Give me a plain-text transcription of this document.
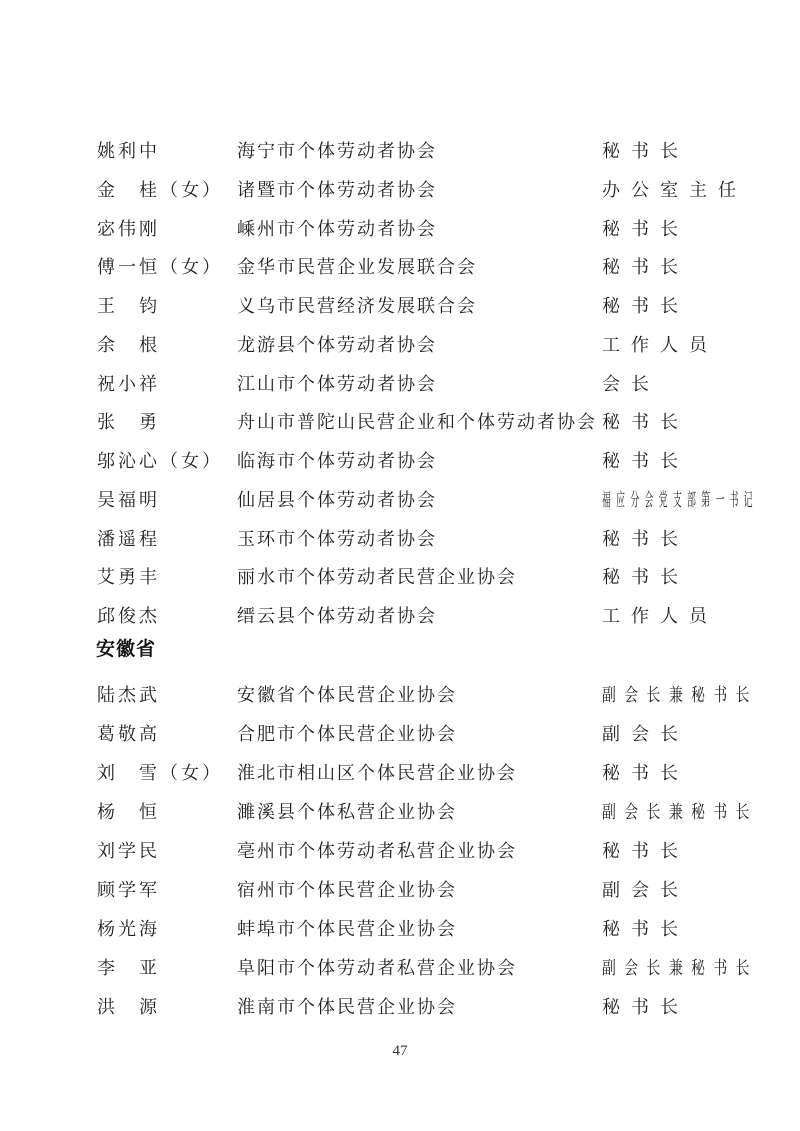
姚利中	海宁市个体劳动者协会	秘书长
金　桂（女） 诸暨市个体劳动者协会	办公室主任
宓伟刚	嵊州市个体劳动者协会	秘书长
傅一恒（女） 金华市民营企业发展联合会	秘书长
王　钧	义乌市民营经济发展联合会	秘书长
余　根	龙游县个体劳动者协会	工作人员
祝小祥	江山市个体劳动者协会	会长
张　勇	舟山市普陀山民营企业和个体劳动者协会 秘书长
邬沁心（女） 临海市个体劳动者协会	秘书长
吴福明	仙居县个体劳动者协会	福应分会党支部第一书记
潘遥程	玉环市个体劳动者协会	秘书长
艾勇丰	丽水市个体劳动者民营企业协会	秘书长
邱俊杰	缙云县个体劳动者协会	工作人员
陆杰武	安徽省个体民营企业协会	副会长兼秘书长
葛敬高	合肥市个体民营企业协会	副会长
刘　雪（女） 淮北市相山区个体民营企业协会	秘书长
杨　恒	濉溪县个体私营企业协会	副会长兼秘书长
刘学民	亳州市个体劳动者私营企业协会	秘书长
顾学军	宿州市个体民营企业协会	副会长
杨光海	蚌埠市个体民营企业协会	秘书长
李　亚	阜阳市个体劳动者私营企业协会	副会长兼秘书长
洪　源	淮南市个体民营企业协会	秘书长
安徽省
47
